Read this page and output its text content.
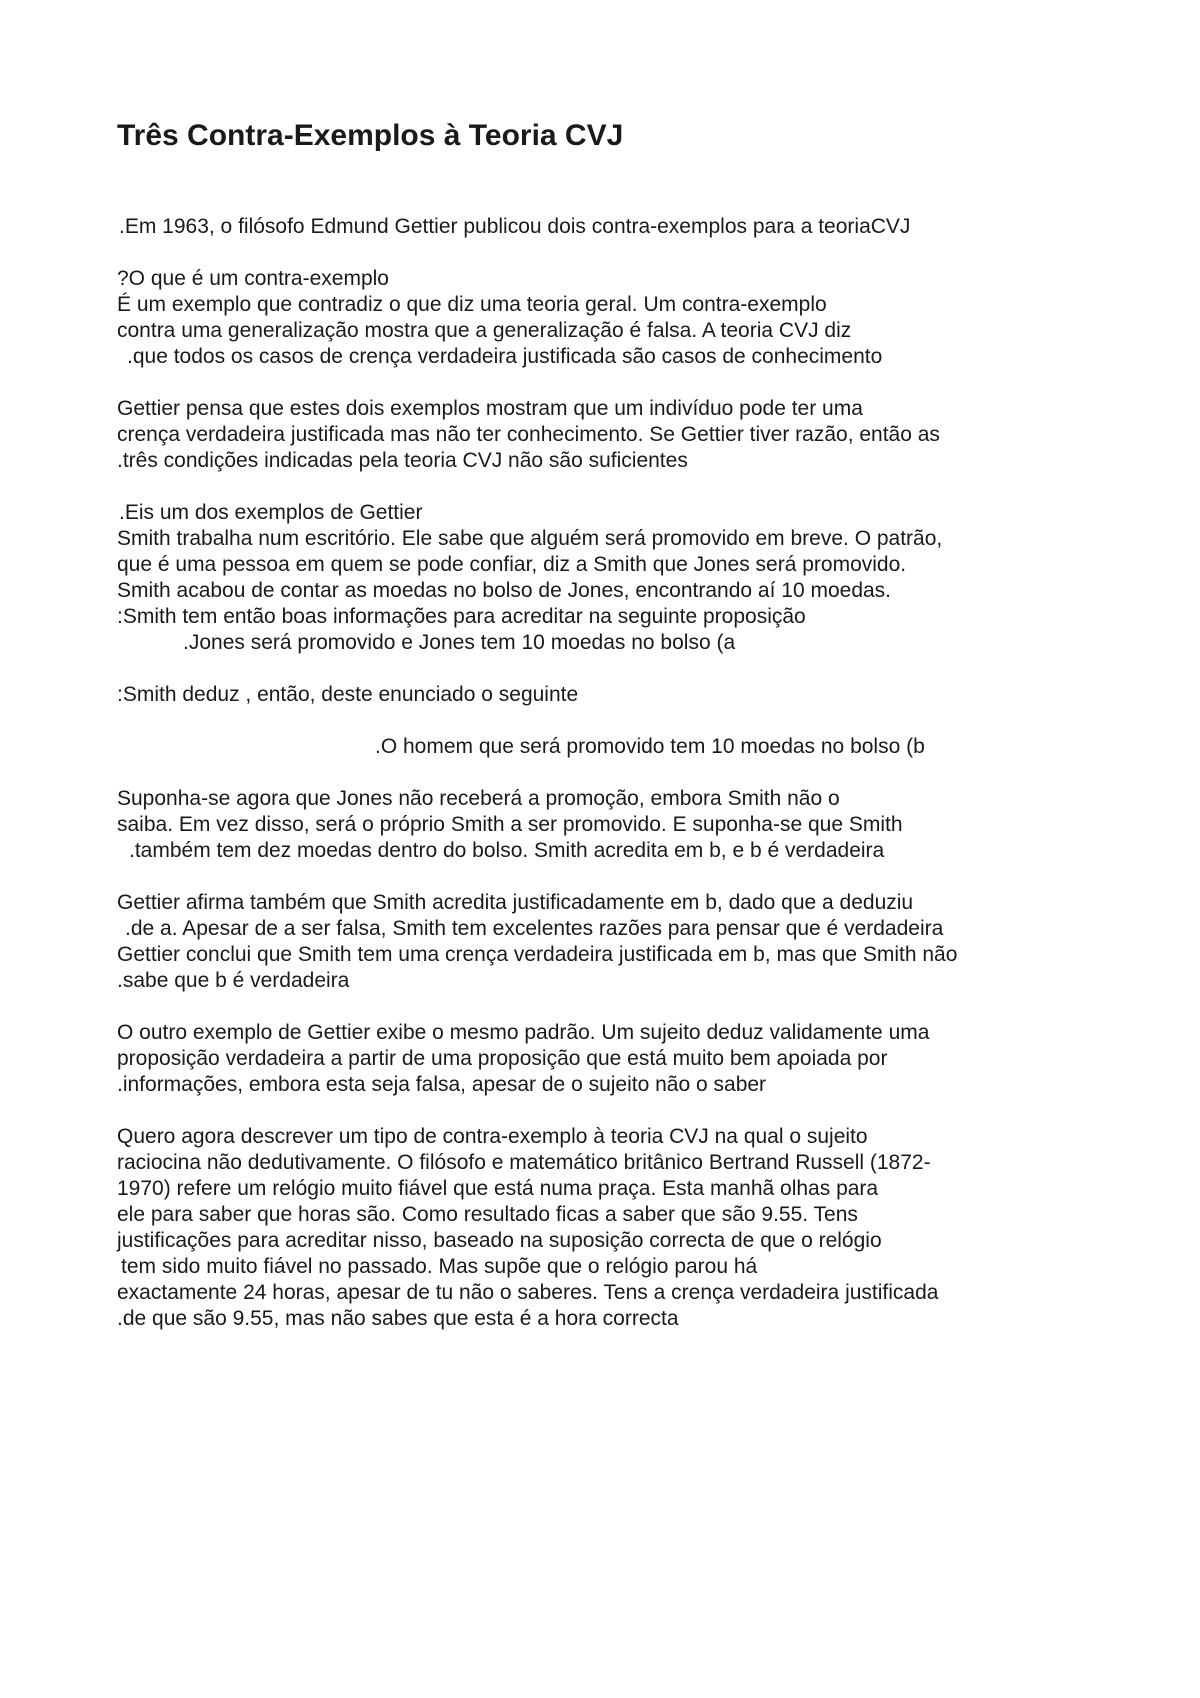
Três Contra-Exemplos à Teoria CVJ
.Em 1963, o filósofo Edmund Gettier publicou dois contra-exemplos para a teoriaCVJ
?O que é um contra-exemplo
É um exemplo que contradiz o que diz uma teoria geral. Um contra-exemplo
contra uma generalização mostra que a generalização é falsa. A teoria CVJ diz
.que todos os casos de crença verdadeira justificada são casos de conhecimento
Gettier pensa que estes dois exemplos mostram que um indivíduo pode ter uma
crença verdadeira justificada mas não ter conhecimento. Se Gettier tiver razão, então as
.três condições indicadas pela teoria CVJ não são suficientes
.Eis um dos exemplos de Gettier
Smith trabalha num escritório. Ele sabe que alguém será promovido em breve. O patrão,
que é uma pessoa em quem se pode confiar, diz a Smith que Jones será promovido.
Smith acabou de contar as moedas no bolso de Jones, encontrando aí 10 moedas.
:Smith tem então boas informações para acreditar na seguinte proposição
.Jones será promovido e Jones tem 10 moedas no bolso (a
:Smith deduz , então, deste enunciado o seguinte
.O homem que será promovido tem 10 moedas no bolso (b
Suponha-se agora que Jones não receberá a promoção, embora Smith não o
saiba. Em vez disso, será o próprio Smith a ser promovido. E suponha-se que Smith
.também tem dez moedas dentro do bolso. Smith acredita em b, e b é verdadeira
Gettier afirma também que Smith acredita justificadamente em b, dado que a deduziu
.de a. Apesar de a ser falsa, Smith tem excelentes razões para pensar que é verdadeira
Gettier conclui que Smith tem uma crença verdadeira justificada em b, mas que Smith não
.sabe que b é verdadeira
O outro exemplo de Gettier exibe o mesmo padrão. Um sujeito deduz validamente uma
proposição verdadeira a partir de uma proposição que está muito bem apoiada por
.informações, embora esta seja falsa, apesar de o sujeito não o saber
Quero agora descrever um tipo de contra-exemplo à teoria CVJ na qual o sujeito
raciocina não dedutivamente. O filósofo e matemático britânico Bertrand Russell (1872-
1970) refere um relógio muito fiável que está numa praça. Esta manhã olhas para
ele para saber que horas são. Como resultado ficas a saber que são 9.55. Tens
justificações para acreditar nisso, baseado na suposição correcta de que o relógio
tem sido muito fiável no passado. Mas supõe que o relógio parou há
exactamente 24 horas, apesar de tu não o saberes. Tens a crença verdadeira justificada
.de que são 9.55, mas não sabes que esta é a hora correcta
